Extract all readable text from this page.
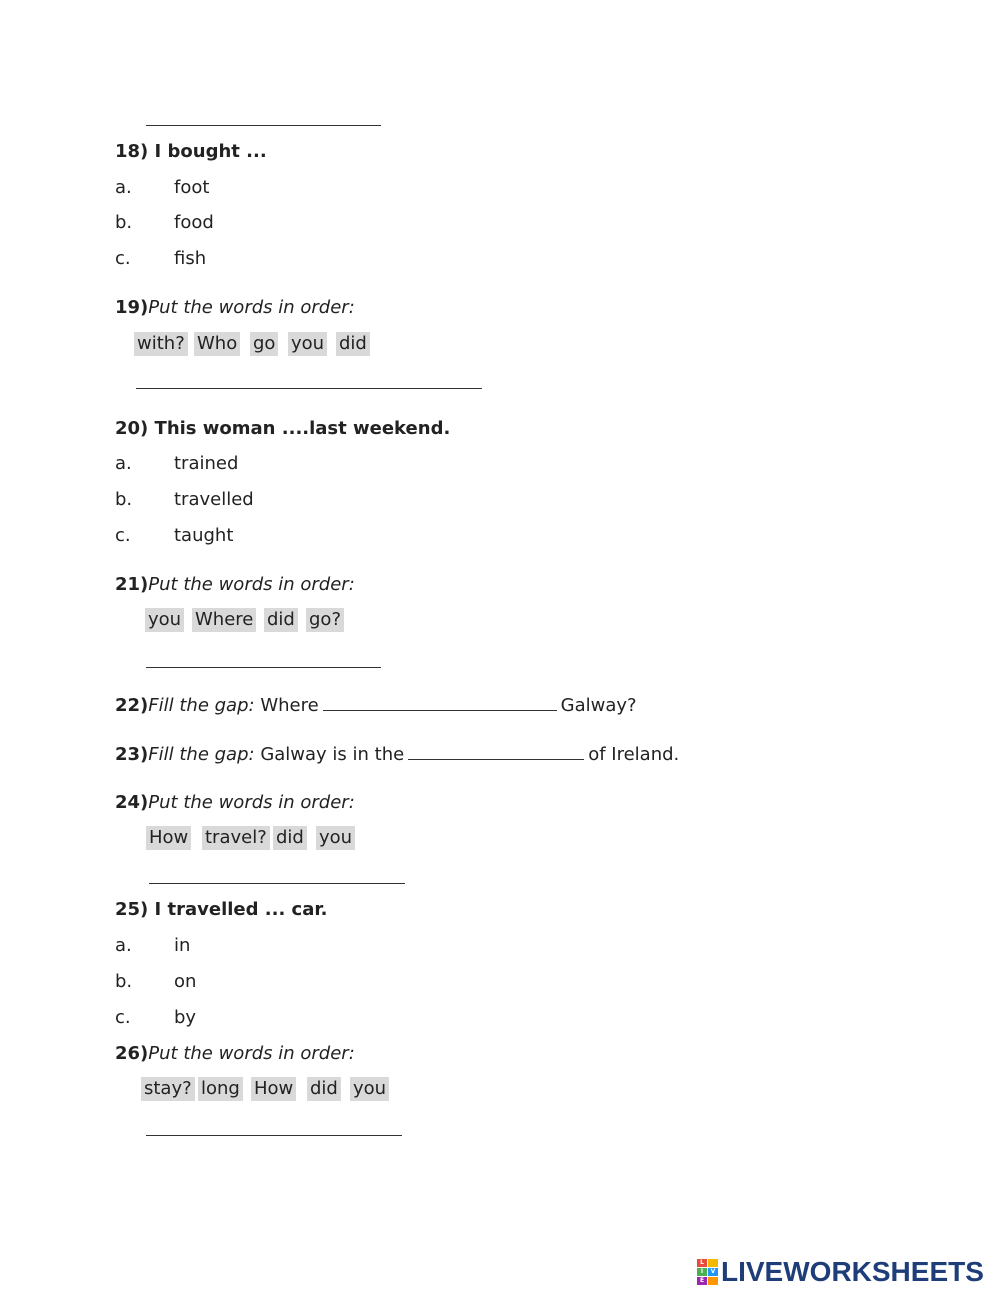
18) I bought ...
a. foot
b. food
c. fish
19)Put the words in order:
with? Who go you did
20) This woman ....last weekend.
a. trained
b. travelled
c. taught
21)Put the words in order:
you Where did go?
22)Fill the gap: Where	Galway?
23)Fill the gap: Galway is in the	of Ireland.
24)Put the words in order:
How travel? did you
25) I travelled ... car.
a. in
b. on
c. by
26)Put the words in order:
stay? long How did you
L
I	V
E LIVEWORKSHEETS
